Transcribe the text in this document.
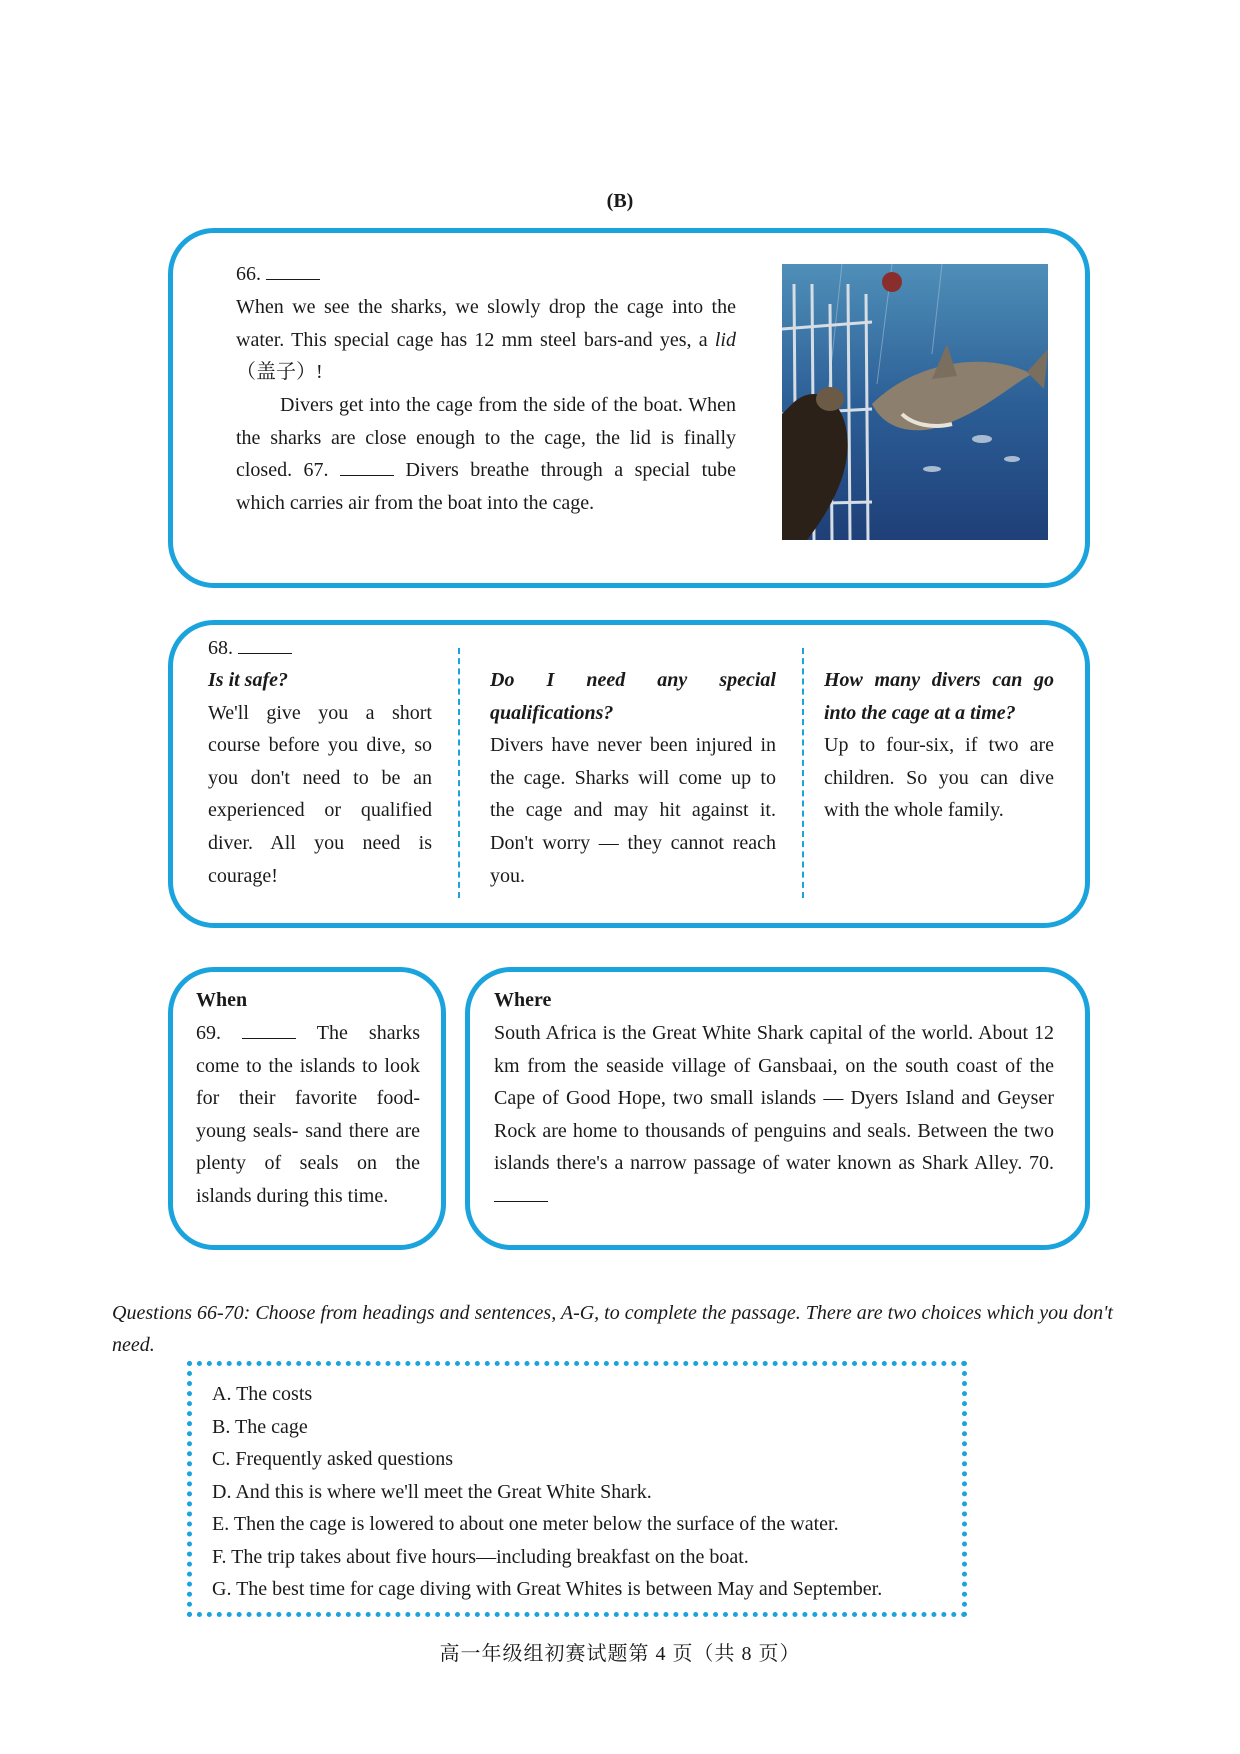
(B)
66.
When we see the sharks, we slowly drop the cage into the water. This special cage has 12 mm steel bars-and yes, a lid（盖子）!
Divers get into the cage from the side of the boat. When the sharks are close enough to the cage, the lid is finally closed. 67.	Divers breathe through a special tube which carries air from the boat into the cage.
68.
Is it safe?
We'll give you a short course before you dive, so you don't need to be an experienced or qualified diver. All you need is courage!
Do I need any special qualifications?
Divers have never been injured in the cage. Sharks will come up to the cage and may hit against it. Don't worry — they cannot reach you.
How many divers can go into the cage at a time?
Up to four-six, if two are children. So you can dive with the whole family.
When
69.	The sharks come to the islands to look for their favorite food-young seals- sand there are plenty of seals on the islands during this time.
Where
South Africa is the Great White Shark capital of the world. About 12 km from the seaside village of Gansbaai, on the south coast of the Cape of Good Hope, two small islands — Dyers Island and Geyser Rock are home to thousands of penguins and seals. Between the two islands there's a narrow passage of water known as Shark Alley. 70.
Questions 66-70: Choose from headings and sentences, A-G, to complete the passage. There are two choices which you don't need.
A. The costs
B. The cage
C. Frequently asked questions
D. And this is where we'll meet the Great White Shark.
E. Then the cage is lowered to about one meter below the surface of the water.
F. The trip takes about five hours—including breakfast on the boat.
G. The best time for cage diving with Great Whites is between May and September.
高一年级组初赛试题第 4 页（共 8 页）
